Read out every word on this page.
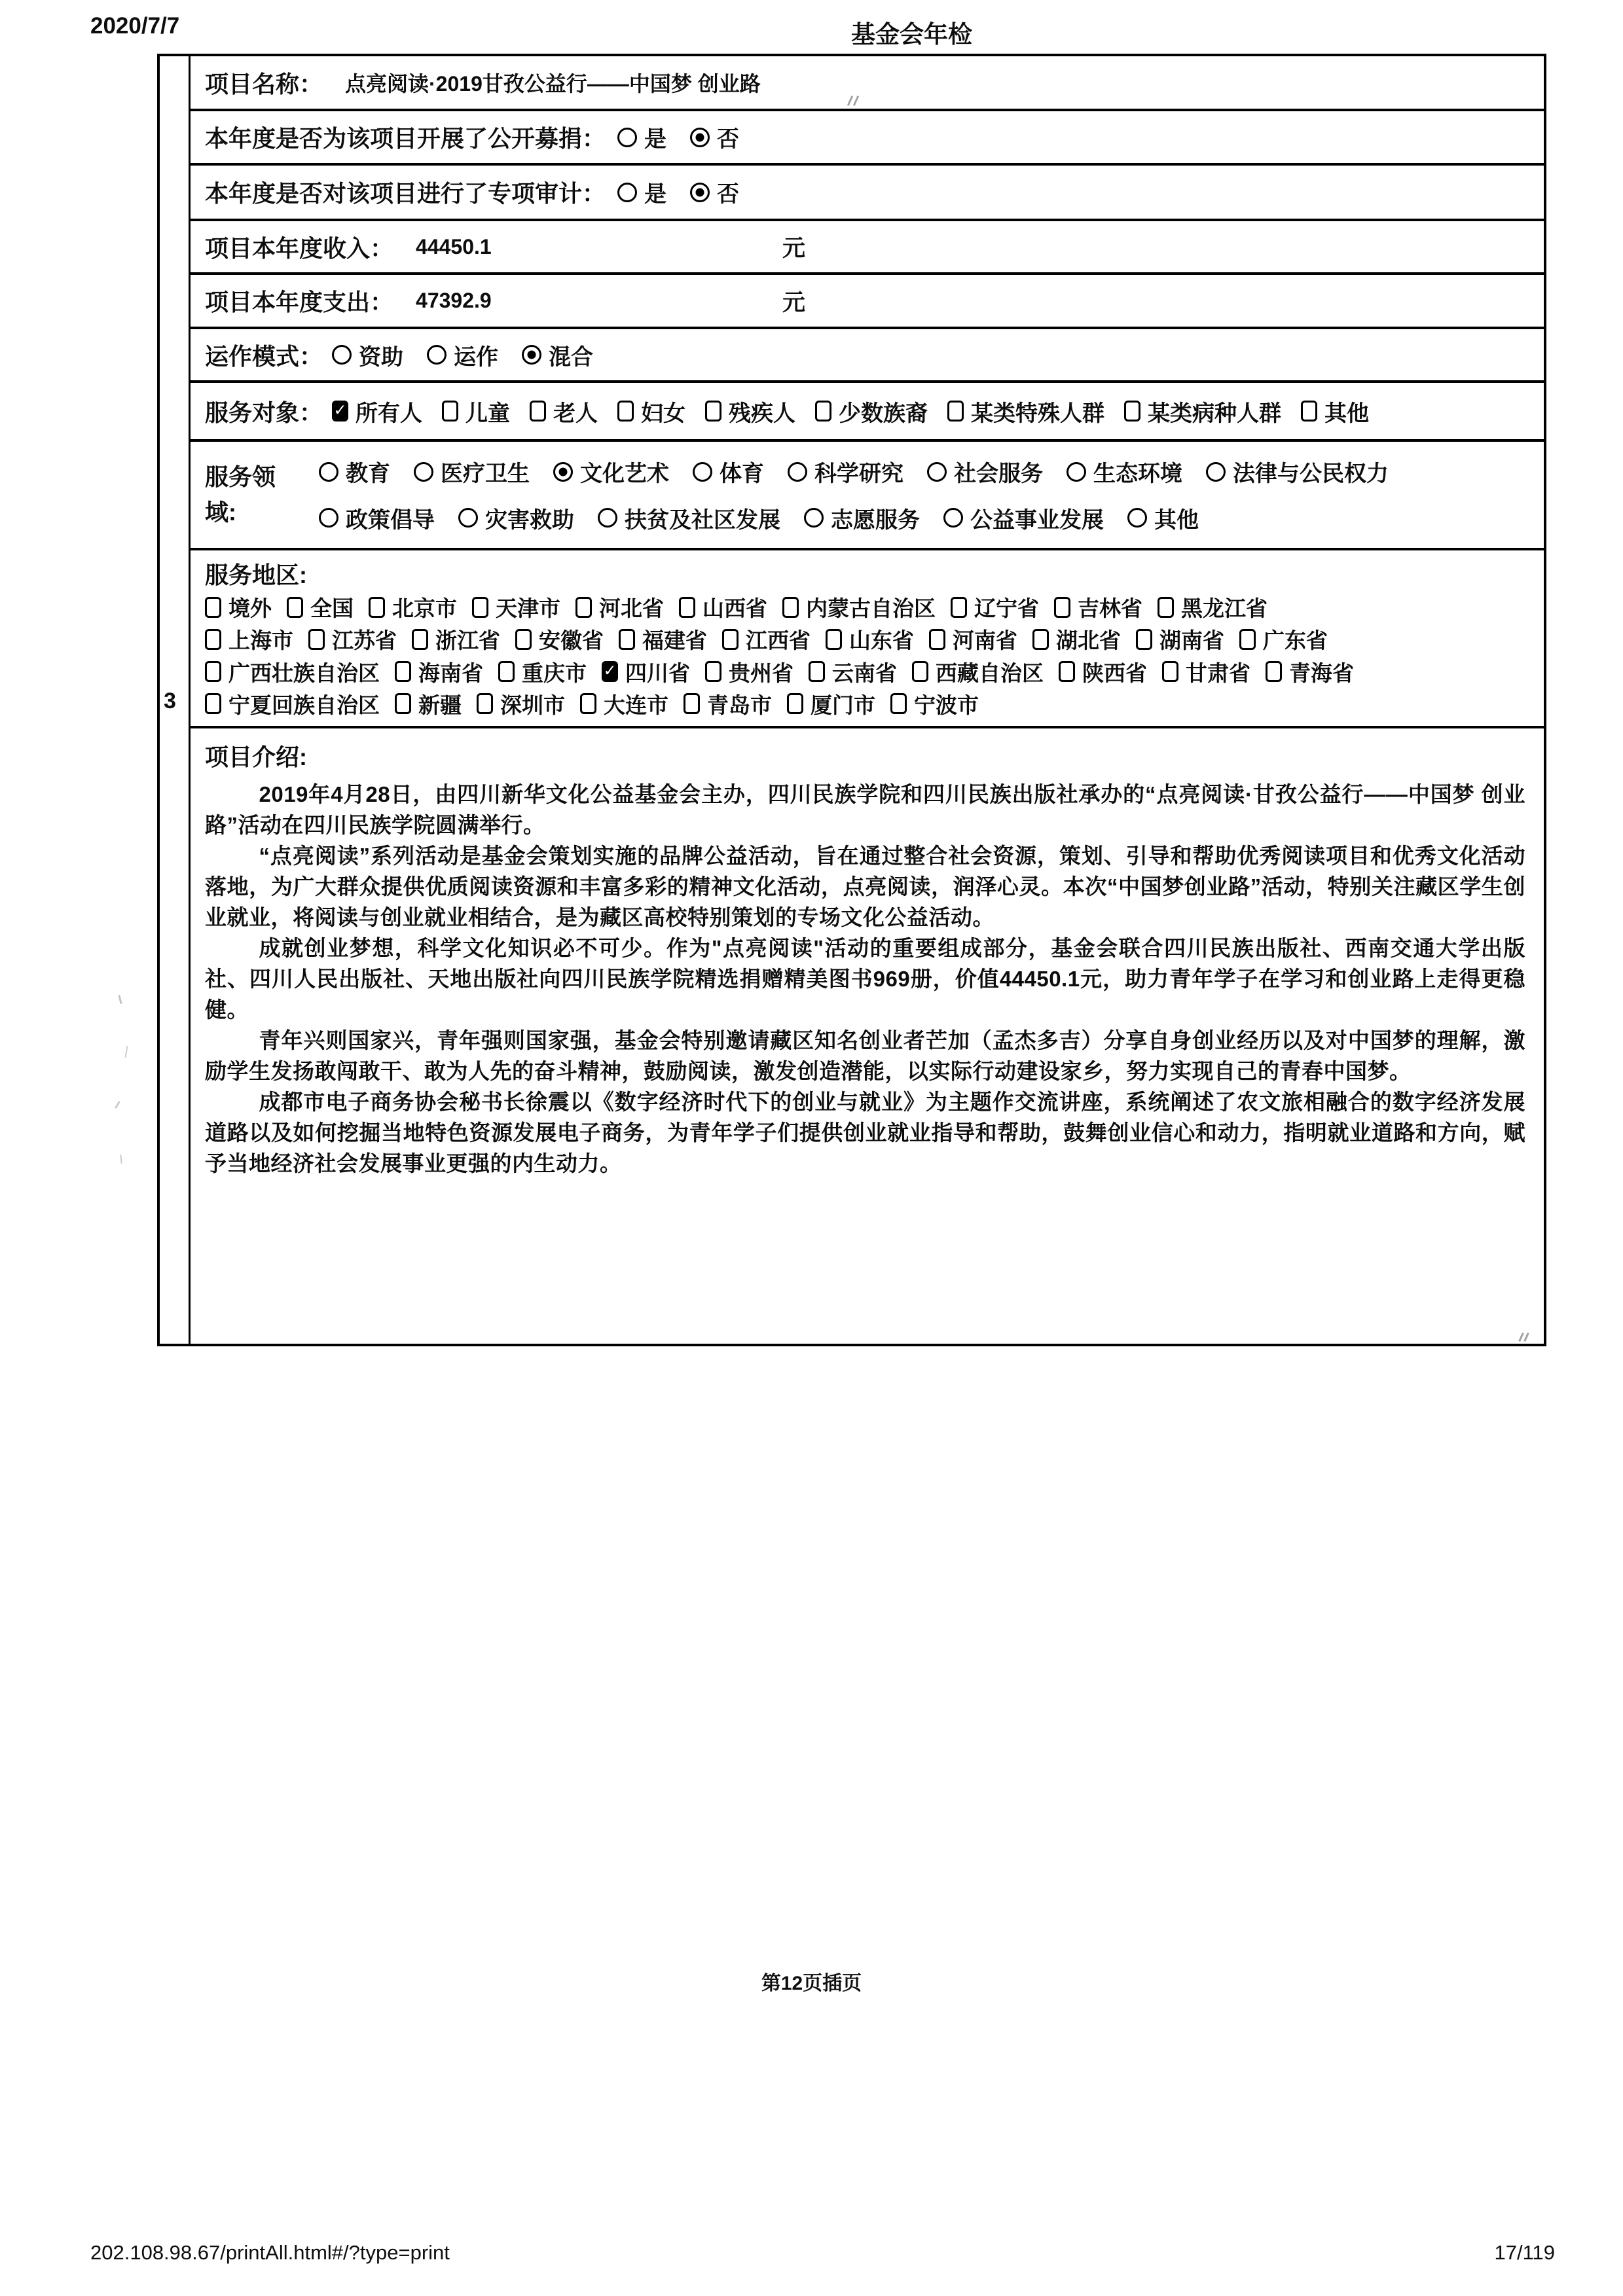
2020/7/7	基金会年检
3
项目名称： 点亮阅读·2019甘孜公益行——中国梦 创业路
本年度是否为该项目开展了公开募捐： 是 否
本年度是否对该项目进行了专项审计： 是 否
项目本年度收入： 44450.1	元
项目本年度支出： 47392.9	元
运作模式： 资助 运作 混合
服务对象： ✓ 所有人 儿童 老人 妇女 残疾人 少数族裔 某类特殊人群 某类病种人群 其他
服务领域:
教育 医疗卫生 文化艺术 体育 科学研究 社会服务 生态环境 法律与公民权力
政策倡导 灾害救助 扶贫及社区发展 志愿服务 公益事业发展 其他
服务地区:
境外 全国 北京市 天津市 河北省 山西省 内蒙古自治区 辽宁省 吉林省 黑龙江省
上海市 江苏省 浙江省 安徽省 福建省 江西省 山东省 河南省 湖北省 湖南省 广东省
广西壮族自治区 海南省 重庆市 ✓ 四川省 贵州省 云南省 西藏自治区 陕西省 甘肃省 青海省
宁夏回族自治区 新疆 深圳市 大连市 青岛市 厦门市 宁波市
项目介绍:

2019年4月28日，由四川新华文化公益基金会主办，四川民族学院和四川民族出版社承办的“点亮阅读·甘孜公益行——中国梦 创业路”活动在四川民族学院圆满举行。

“点亮阅读”系列活动是基金会策划实施的品牌公益活动，旨在通过整合社会资源，策划、引导和帮助优秀阅读项目和优秀文化活动落地，为广大群众提供优质阅读资源和丰富多彩的精神文化活动，点亮阅读，润泽心灵。本次“中国梦创业路”活动，特别关注藏区学生创业就业，将阅读与创业就业相结合，是为藏区高校特别策划的专场文化公益活动。

成就创业梦想，科学文化知识必不可少。作为"点亮阅读"活动的重要组成部分，基金会联合四川民族出版社、西南交通大学出版社、四川人民出版社、天地出版社向四川民族学院精选捐赠精美图书969册，价值44450.1元，助力青年学子在学习和创业路上走得更稳健。

青年兴则国家兴，青年强则国家强，基金会特别邀请藏区知名创业者芒加（孟杰多吉）分享自身创业经历以及对中国梦的理解，激励学生发扬敢闯敢干、敢为人先的奋斗精神，鼓励阅读，激发创造潜能，以实际行动建设家乡，努力实现自己的青春中国梦。

成都市电子商务协会秘书长徐震以《数字经济时代下的创业与就业》为主题作交流讲座，系统阐述了农文旅相融合的数字经济发展道路以及如何挖掘当地特色资源发展电子商务，为青年学子们提供创业就业指导和帮助，鼓舞创业信心和动力，指明就业道路和方向，赋予当地经济社会发展事业更强的内生动力。

第12页插页
202.108.98.67/printAll.html#/?type=print	17/119
